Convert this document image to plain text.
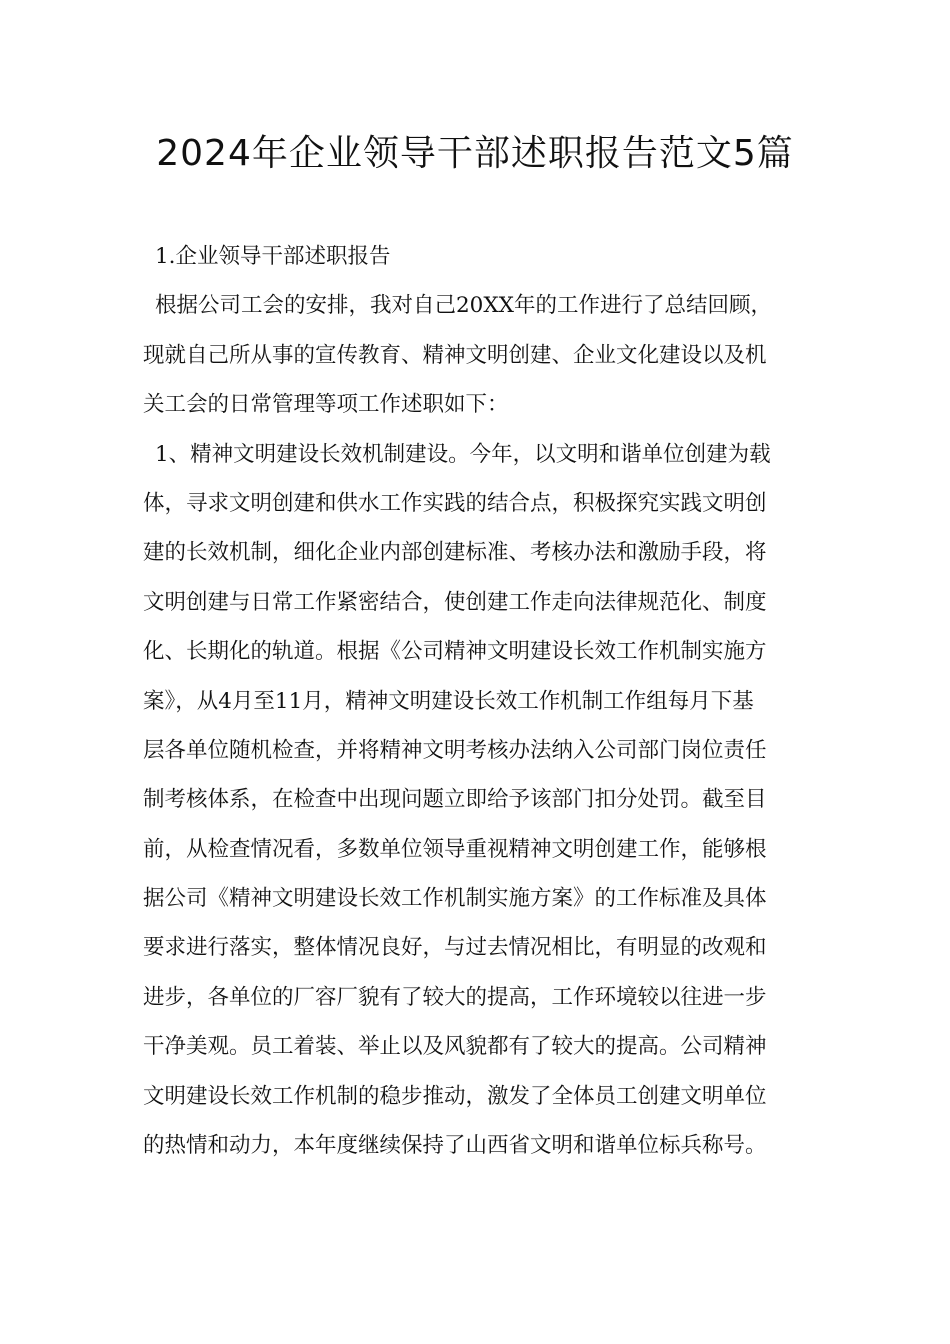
2024年企业领导干部述职报告范文5篇
1.企业领导干部述职报告
根据公司工会的安排，我对自己20XX年的工作进行了总结回顾，
现就自己所从事的宣传教育、精神文明创建、企业文化建设以及机
关工会的日常管理等项工作述职如下：
1、精神文明建设长效机制建设。今年，以文明和谐单位创建为载
体，寻求文明创建和供水工作实践的结合点，积极探究实践文明创
建的长效机制，细化企业内部创建标准、考核办法和激励手段，将
文明创建与日常工作紧密结合，使创建工作走向法律规范化、制度
化、长期化的轨道。根据《公司精神文明建设长效工作机制实施方
案》，从4月至11月，精神文明建设长效工作机制工作组每月下基
层各单位随机检查，并将精神文明考核办法纳入公司部门岗位责任
制考核体系，在检查中出现问题立即给予该部门扣分处罚。截至目
前，从检查情况看，多数单位领导重视精神文明创建工作，能够根
据公司《精神文明建设长效工作机制实施方案》的工作标准及具体
要求进行落实，整体情况良好，与过去情况相比，有明显的改观和
进步，各单位的厂容厂貌有了较大的提高，工作环境较以往进一步
干净美观。员工着装、举止以及风貌都有了较大的提高。公司精神
文明建设长效工作机制的稳步推动，激发了全体员工创建文明单位
的热情和动力，本年度继续保持了山西省文明和谐单位标兵称号。
